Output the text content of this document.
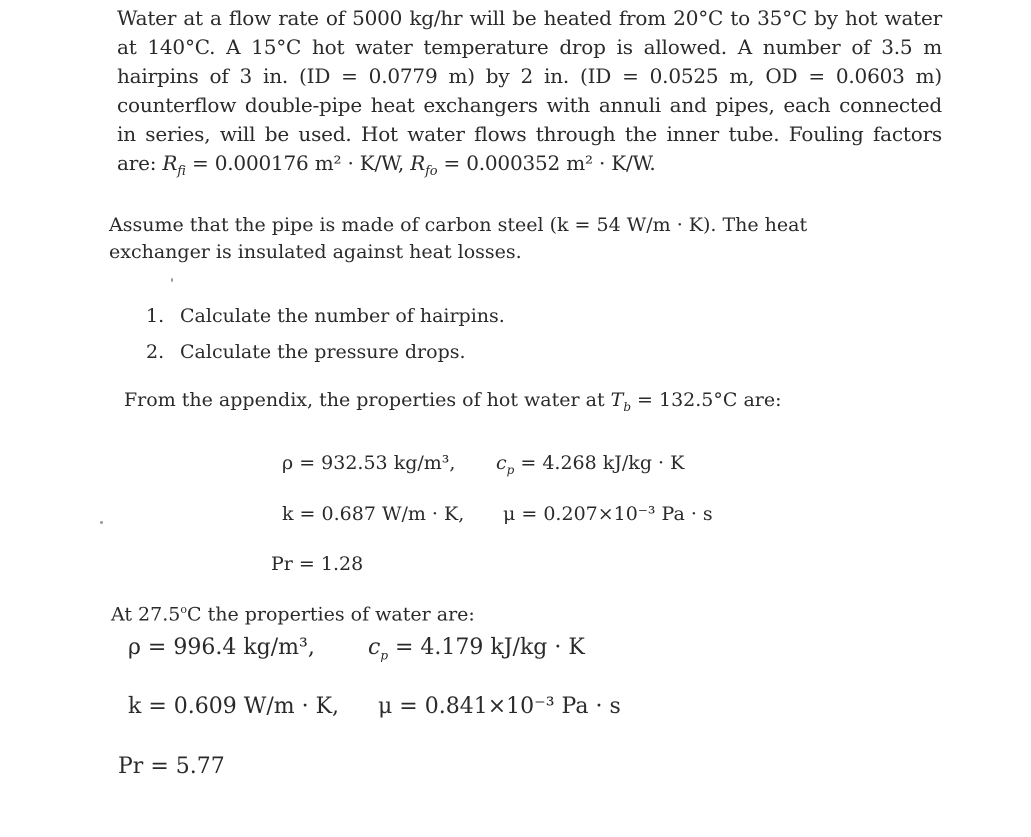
Water at a flow rate of 5000 kg/hr will be heated from 20°C to 35°C by hot water at 140°C. A 15°C hot water temperature drop is allowed. A number of 3.5 m hairpins of 3 in. (ID = 0.0779 m) by 2 in. (ID = 0.0525 m, OD = 0.0603 m) counterflow double-pipe heat exchangers with annuli and pipes, each connected in series, will be used. Hot water flows through the inner tube. Fouling factors are: $R_{fi} = 0.000176$ m² · K/W, $R_{fo} = 0.000352$ m² · K/W.
Assume that the pipe is made of carbon steel (k = 54 W/m · K). The heat exchanger is insulated against heat losses.
1. Calculate the number of hairpins.
2. Calculate the pressure drops.
From the appendix, the properties of hot water at $T_b = 132.5^\circ C$ are:
ρ = 932.53 kg/m³, $c_p = 4.268$ kJ/kg · K
k = 0.687 W/m · K, μ = 0.207×10⁻³ Pa · s
Pr = 1.28
At 27.5$^o$C the properties of water are:
ρ = 996.4 kg/m³, $c_p = 4.179$ kJ/kg · K
k = 0.609 W/m · K, μ = 0.841×10⁻³ Pa · s
Pr = 5.77
